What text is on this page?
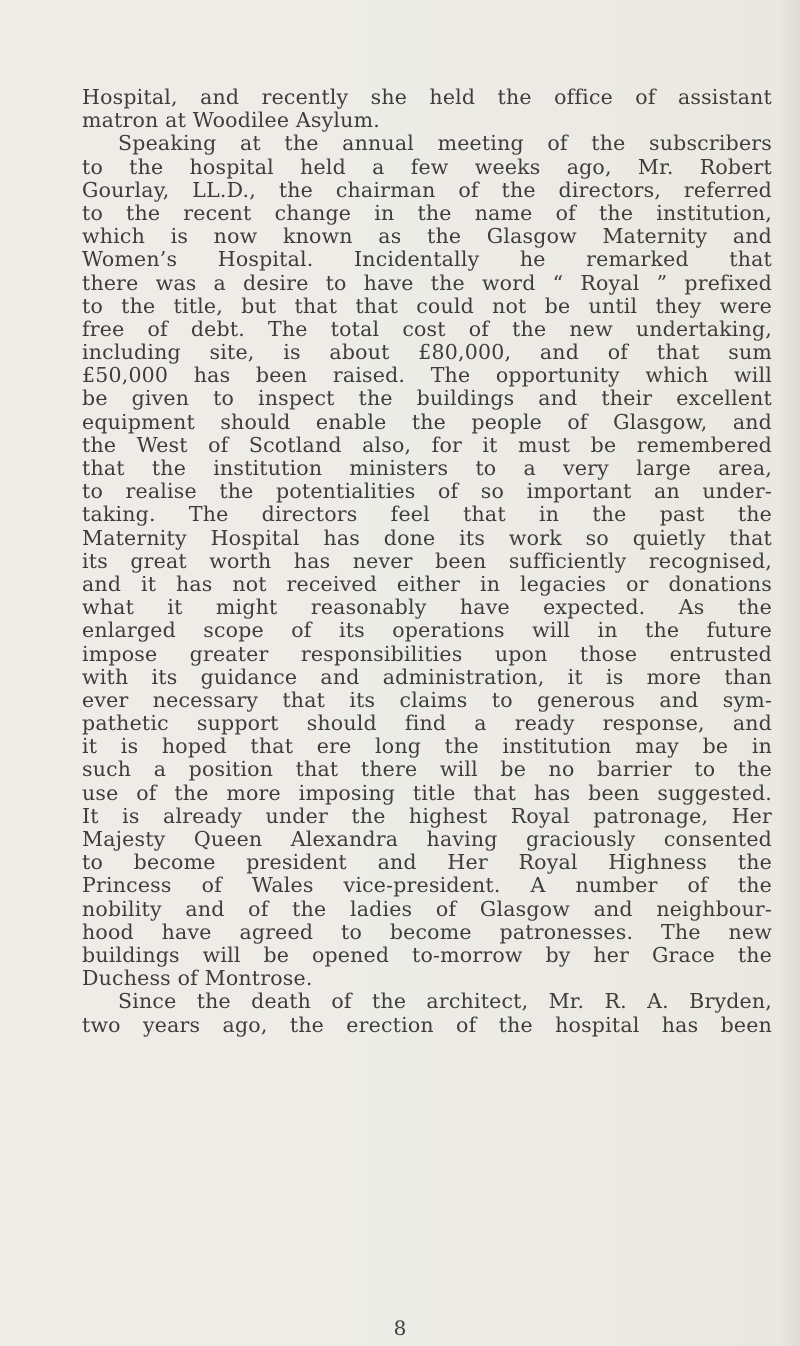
Hospital, and recently she held the office of assistant
matron at Woodilee Asylum.
Speaking at the annual meeting of the subscribers
to the hospital held a few weeks ago, Mr. Robert
Gourlay, LL.D., the chairman of the directors, referred
to the recent change in the name of the institution,
which is now known as the Glasgow Maternity and
Women’s Hospital. Incidentally he remarked that
there was a desire to have the word “ Royal ” prefixed
to the title, but that that could not be until they were
free of debt. The total cost of the new undertaking,
including site, is about £80,000, and of that sum
£50,000 has been raised. The opportunity which will
be given to inspect the buildings and their excellent
equipment should enable the people of Glasgow, and
the West of Scotland also, for it must be remembered
that the institution ministers to a very large area,
to realise the potentialities of so important an under-
taking. The directors feel that in the past the
Maternity Hospital has done its work so quietly that
its great worth has never been sufficiently recognised,
and it has not received either in legacies or donations
what it might reasonably have expected. As the
enlarged scope of its operations will in the future
impose greater responsibilities upon those entrusted
with its guidance and administration, it is more than
ever necessary that its claims to generous and sym-
pathetic support should find a ready response, and
it is hoped that ere long the institution may be in
such a position that there will be no barrier to the
use of the more imposing title that has been suggested.
It is already under the highest Royal patronage, Her
Majesty Queen Alexandra having graciously consented
to become president and Her Royal Highness the
Princess of Wales vice-president. A number of the
nobility and of the ladies of Glasgow and neighbour-
hood have agreed to become patronesses. The new
buildings will be opened to-morrow by her Grace the
Duchess of Montrose.
Since the death of the architect, Mr. R. A. Bryden,
two years ago, the erection of the hospital has been
8
